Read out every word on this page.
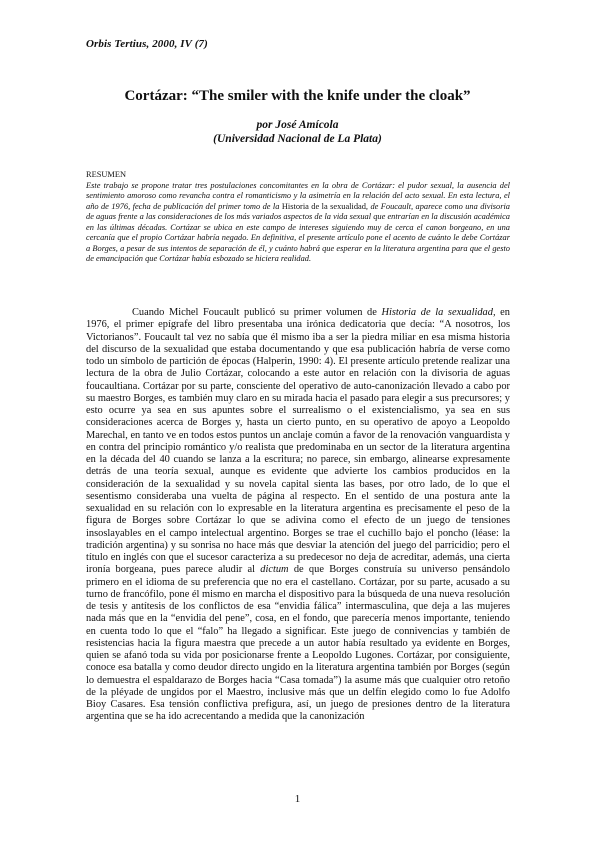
Orbis Tertius, 2000, IV (7)
Cortázar: “The smiler with the knife under the cloak”
por José Amícola
(Universidad Nacional de La Plata)
RESUMEN
Este trabajo se propone tratar tres postulaciones concomitantes en la obra de Cortázar: el pudor sexual, la ausencia del sentimiento amoroso como revancha contra el romanticismo y la asimetría en la relación del acto sexual. En esta lectura, el año de 1976, fecha de publicación del primer tomo de la Historia de la sexualidad, de Foucault, aparece como una divisoria de aguas frente a las consideraciones de los más variados aspectos de la vida sexual que entrarían en la discusión académica en las últimas décadas. Cortázar se ubica en este campo de intereses siguiendo muy de cerca el canon borgeano, en una cercanía que el propio Cortázar habría negado. En definitiva, el presente artículo pone el acento de cuánto le debe Cortázar a Borges, a pesar de sus intentos de separación de él, y cuánto habrá que esperar en la literatura argentina para que el gesto de emancipación que Cortázar había esbozado se hiciera realidad.

Cuando Michel Foucault publicó su primer volumen de Historia de la sexualidad, en 1976, el primer epígrafe del libro presentaba una irónica dedicatoria que decía: “A nosotros, los Victorianos”. Foucault tal vez no sabía que él mismo iba a ser la piedra miliar en esa misma historia del discurso de la sexualidad que estaba documentando y que esa publicación habría de verse como todo un símbolo de partición de épocas (Halperin, 1990: 4). El presente artículo pretende realizar una lectura de la obra de Julio Cortázar, colocando a este autor en relación con la divisoria de aguas foucaultiana. Cortázar por su parte, consciente del operativo de auto-canonización llevado a cabo por su maestro Borges, es también muy claro en su mirada hacia el pasado para elegir a sus precursores; y esto ocurre ya sea en sus apuntes sobre el surrealismo o el existencialismo, ya sea en sus consideraciones acerca de Borges y, hasta un cierto punto, en su operativo de apoyo a Leopoldo Marechal, en tanto ve en todos estos puntos un anclaje común a favor de la renovación vanguardista y en contra del principio romántico y/o realista que predominaba en un sector de la literatura argentina en la década del 40 cuando se lanza a la escritura; no parece, sin embargo, alinearse expresamente detrás de una teoría sexual, aunque es evidente que advierte los cambios producidos en la consideración de la sexualidad y su novela capital sienta las bases, por otro lado, de lo que el sesentismo consideraba una vuelta de página al respecto. En el sentido de una postura ante la sexualidad en su relación con lo expresable en la literatura argentina es precisamente el peso de la figura de Borges sobre Cortázar lo que se adivina como el efecto de un juego de tensiones insoslayables en el campo intelectual argentino. Borges se trae el cuchillo bajo el poncho (léase: la tradición argentina) y su sonrisa no hace más que desviar la atención del juego del parricidio; pero el título en inglés con que el sucesor caracteriza a su predecesor no deja de acreditar, además, una cierta ironía borgeana, pues parece aludir al dictum de que Borges construía su universo pensándolo primero en el idioma de su preferencia que no era el castellano. Cortázar, por su parte, acusado a su turno de francófilo, pone él mismo en marcha el dispositivo para la búsqueda de una nueva resolución de tesis y antítesis de los conflictos de esa “envidia fálica” intermasculina, que deja a las mujeres nada más que en la “envidia del pene”, cosa, en el fondo, que parecería menos importante, teniendo en cuenta todo lo que el “falo” ha llegado a significar. Este juego de connivencias y también de resistencias hacia la figura maestra que precede a un autor había resultado ya evidente en Borges, quien se afanó toda su vida por posicionarse frente a Leopoldo Lugones. Cortázar, por consiguiente, conoce esa batalla y como deudor directo ungido en la literatura argentina también por Borges (según lo demuestra el espaldarazo de Borges hacia “Casa tomada”) la asume más que cualquier otro retoño de la pléyade de ungidos por el Maestro, inclusive más que un delfín elegido como lo fue Adolfo Bioy Casares. Esa tensión conflictiva prefigura, así, un juego de presiones dentro de la literatura argentina que se ha ido acrecentando a medida que la canonización

1
